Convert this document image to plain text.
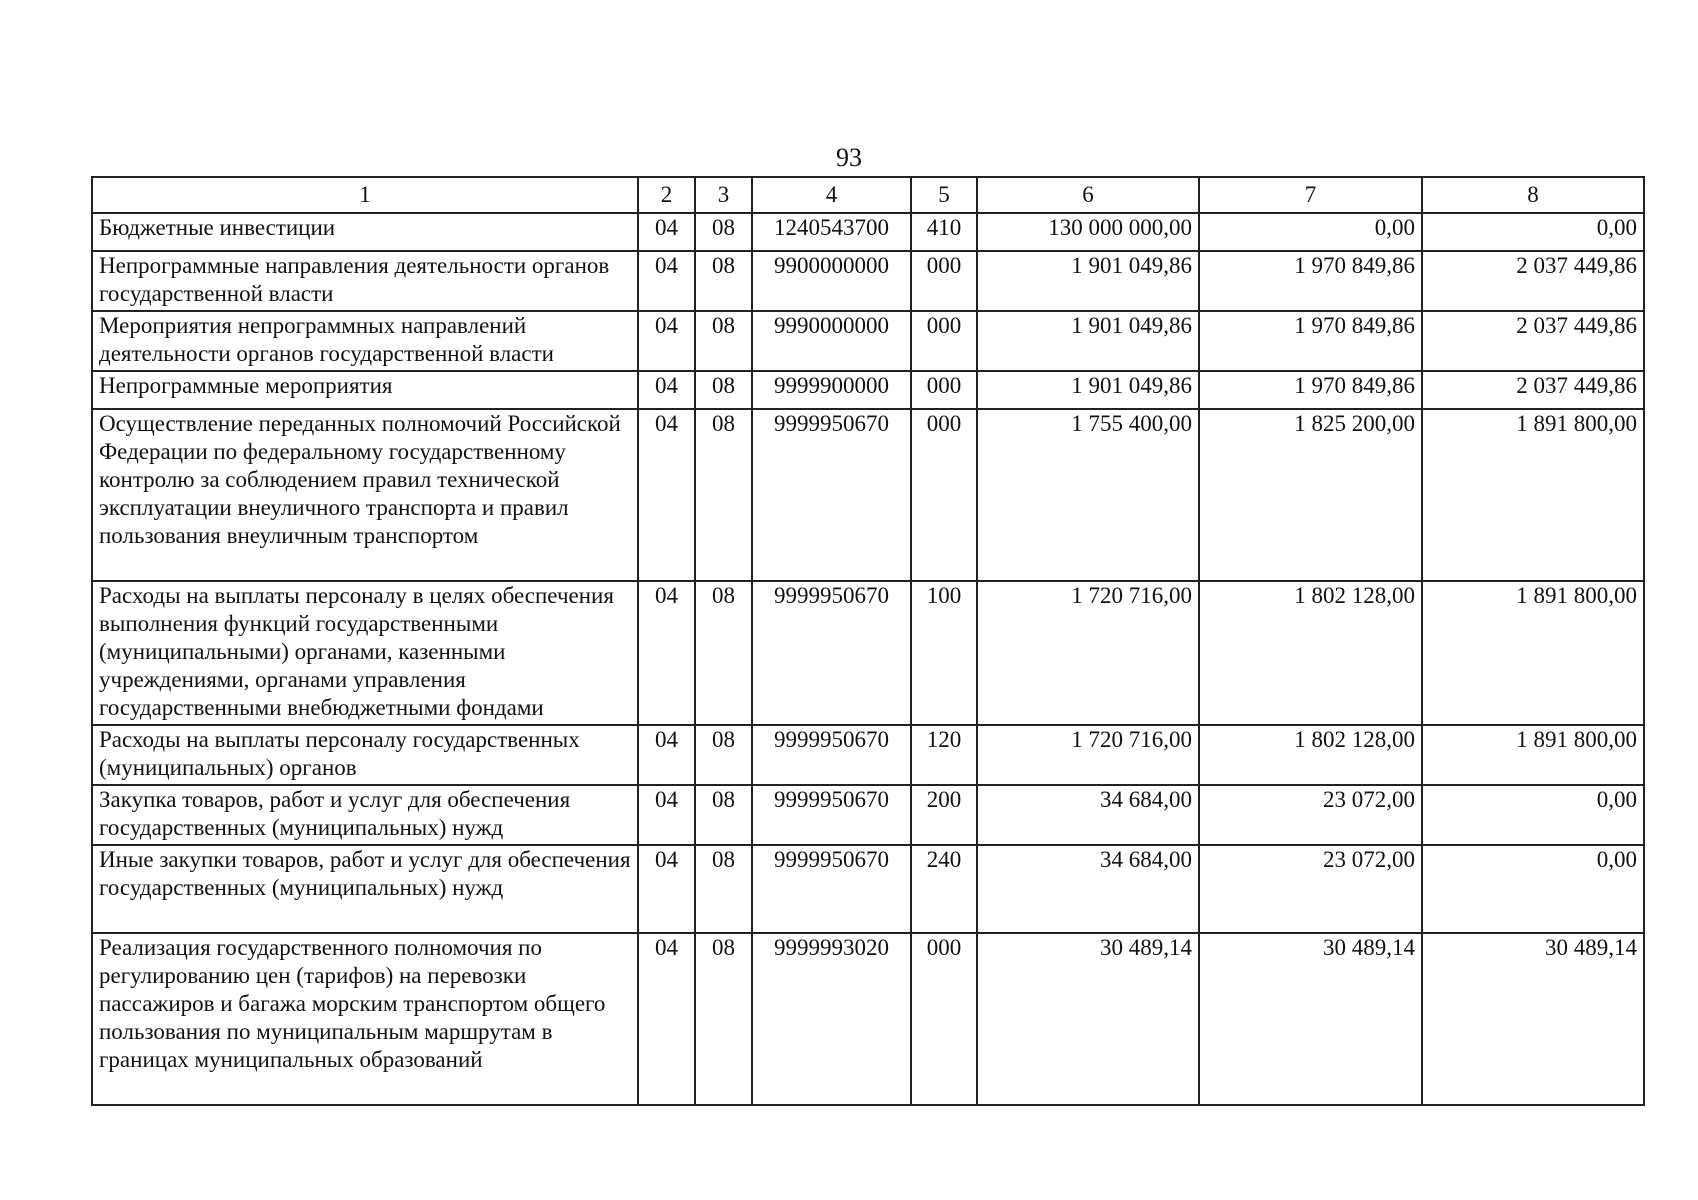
93
1	2	3	4	5	6	7	8
Бюджетные инвестиции	04	08	1240543700	410	130 000 000,00	0,00	0,00
Непрограммные направления деятельности органов государственной власти	04	08	9900000000	000	1 901 049,86	1 970 849,86	2 037 449,86
Мероприятия непрограммных направлений деятельности органов государственной власти	04	08	9990000000	000	1 901 049,86	1 970 849,86	2 037 449,86
Непрограммные мероприятия	04	08	9999900000	000	1 901 049,86	1 970 849,86	2 037 449,86
Осуществление переданных полномочий Российской Федерации по федеральному государственному контролю за соблюдением правил технической эксплуатации внеуличного транспорта и правил пользования внеуличным транспортом	04	08	9999950670	000	1 755 400,00	1 825 200,00	1 891 800,00
Расходы на выплаты персоналу в целях обеспечения выполнения функций государственными (муниципальными) органами, казенными учреждениями, органами управления государственными внебюджетными фондами	04	08	9999950670	100	1 720 716,00	1 802 128,00	1 891 800,00
Расходы на выплаты персоналу государственных (муниципальных) органов	04	08	9999950670	120	1 720 716,00	1 802 128,00	1 891 800,00
Закупка товаров, работ и услуг для обеспечения государственных (муниципальных) нужд	04	08	9999950670	200	34 684,00	23 072,00	0,00
Иные закупки товаров, работ и услуг для обеспечения государственных (муниципальных) нужд	04	08	9999950670	240	34 684,00	23 072,00	0,00
Реализация государственного полномочия по регулированию цен (тарифов) на перевозки пассажиров и багажа морским транспортом общего пользования по муниципальным маршрутам в границах муниципальных образований	04	08	9999993020	000	30 489,14	30 489,14	30 489,14
